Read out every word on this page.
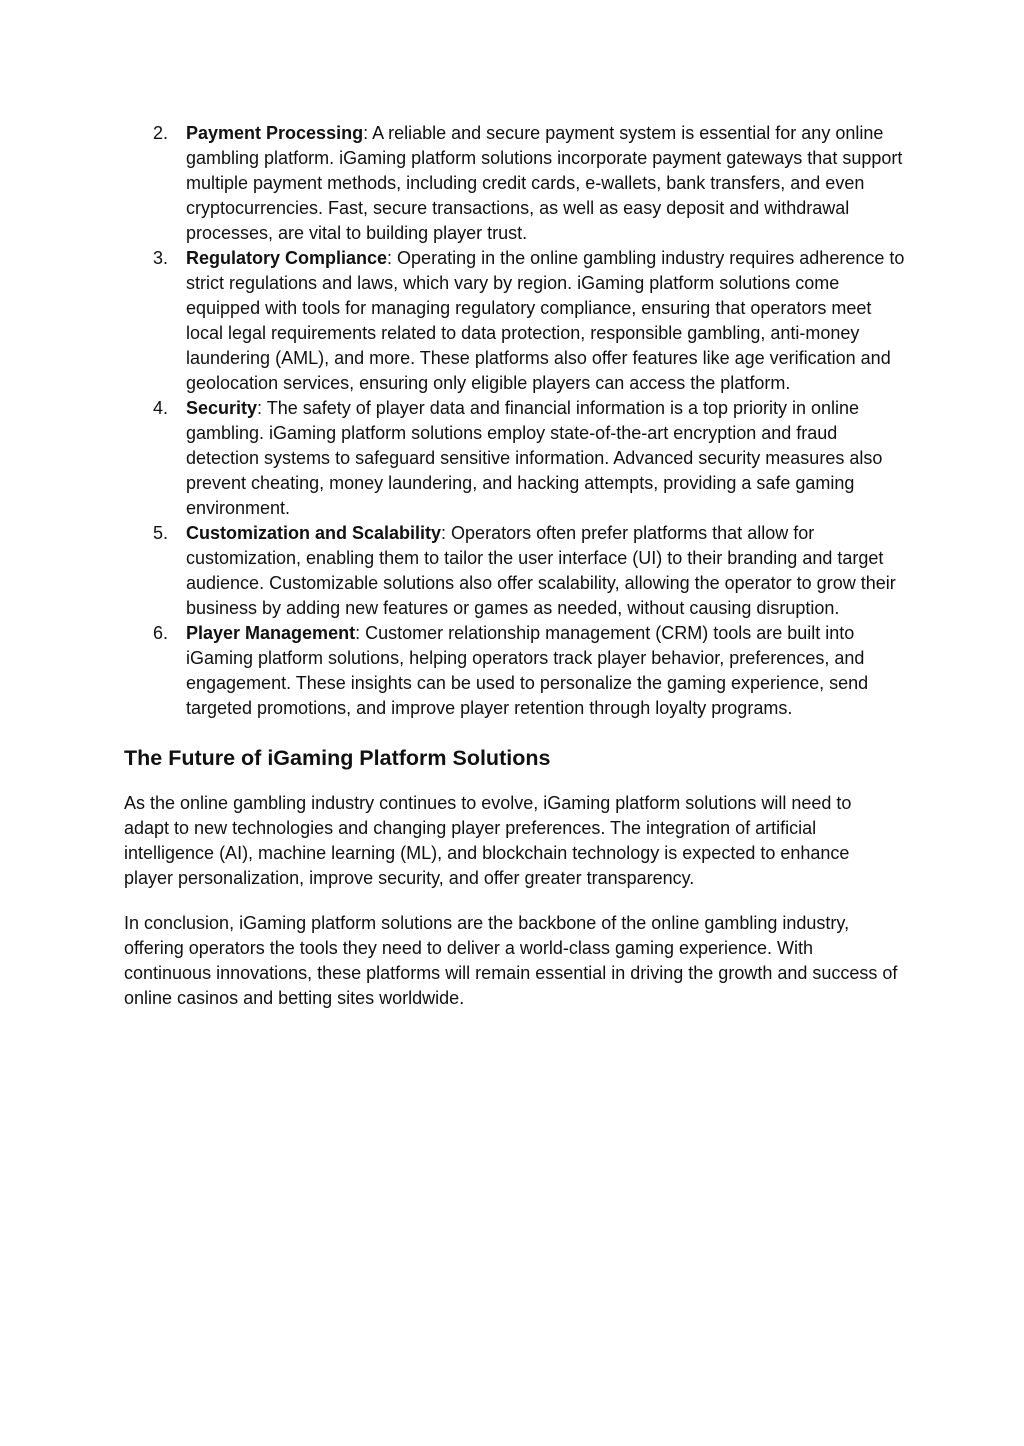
2. Payment Processing: A reliable and secure payment system is essential for any online gambling platform. iGaming platform solutions incorporate payment gateways that support multiple payment methods, including credit cards, e-wallets, bank transfers, and even cryptocurrencies. Fast, secure transactions, as well as easy deposit and withdrawal processes, are vital to building player trust.
3. Regulatory Compliance: Operating in the online gambling industry requires adherence to strict regulations and laws, which vary by region. iGaming platform solutions come equipped with tools for managing regulatory compliance, ensuring that operators meet local legal requirements related to data protection, responsible gambling, anti-money laundering (AML), and more. These platforms also offer features like age verification and geolocation services, ensuring only eligible players can access the platform.
4. Security: The safety of player data and financial information is a top priority in online gambling. iGaming platform solutions employ state-of-the-art encryption and fraud detection systems to safeguard sensitive information. Advanced security measures also prevent cheating, money laundering, and hacking attempts, providing a safe gaming environment.
5. Customization and Scalability: Operators often prefer platforms that allow for customization, enabling them to tailor the user interface (UI) to their branding and target audience. Customizable solutions also offer scalability, allowing the operator to grow their business by adding new features or games as needed, without causing disruption.
6. Player Management: Customer relationship management (CRM) tools are built into iGaming platform solutions, helping operators track player behavior, preferences, and engagement. These insights can be used to personalize the gaming experience, send targeted promotions, and improve player retention through loyalty programs.
The Future of iGaming Platform Solutions

As the online gambling industry continues to evolve, iGaming platform solutions will need to adapt to new technologies and changing player preferences. The integration of artificial intelligence (AI), machine learning (ML), and blockchain technology is expected to enhance player personalization, improve security, and offer greater transparency.

In conclusion, iGaming platform solutions are the backbone of the online gambling industry, offering operators the tools they need to deliver a world-class gaming experience. With continuous innovations, these platforms will remain essential in driving the growth and success of online casinos and betting sites worldwide.
